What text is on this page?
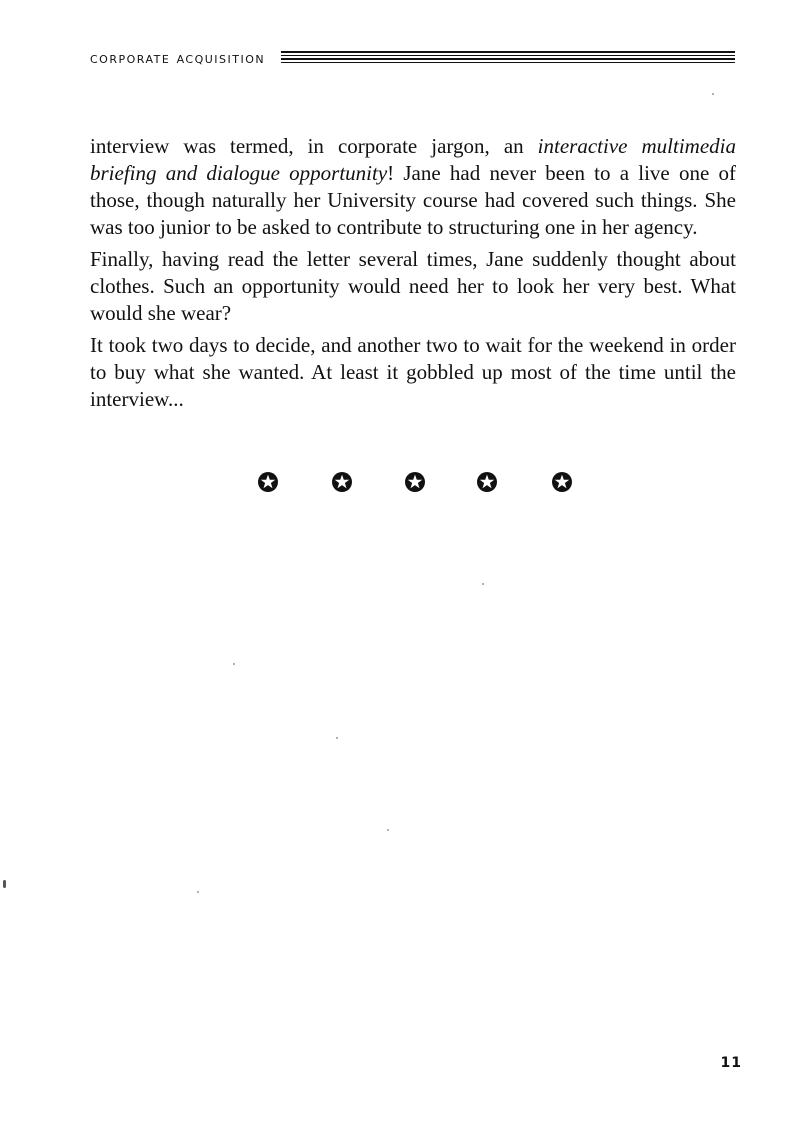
corporate acquisition

interview was termed, in corporate jargon, an interactive multimedia briefing and dialogue opportunity! Jane had never been to a live one of those, though naturally her University course had covered such things. She was too junior to be asked to contribute to structuring one in her agency.

Finally, having read the letter several times, Jane suddenly thought about clothes. Such an opportunity would need her to look her very best. What would she wear?

It took two days to decide, and another two to wait for the weekend in order to buy what she wanted. At least it gobbled up most of the time until the interview...

11
